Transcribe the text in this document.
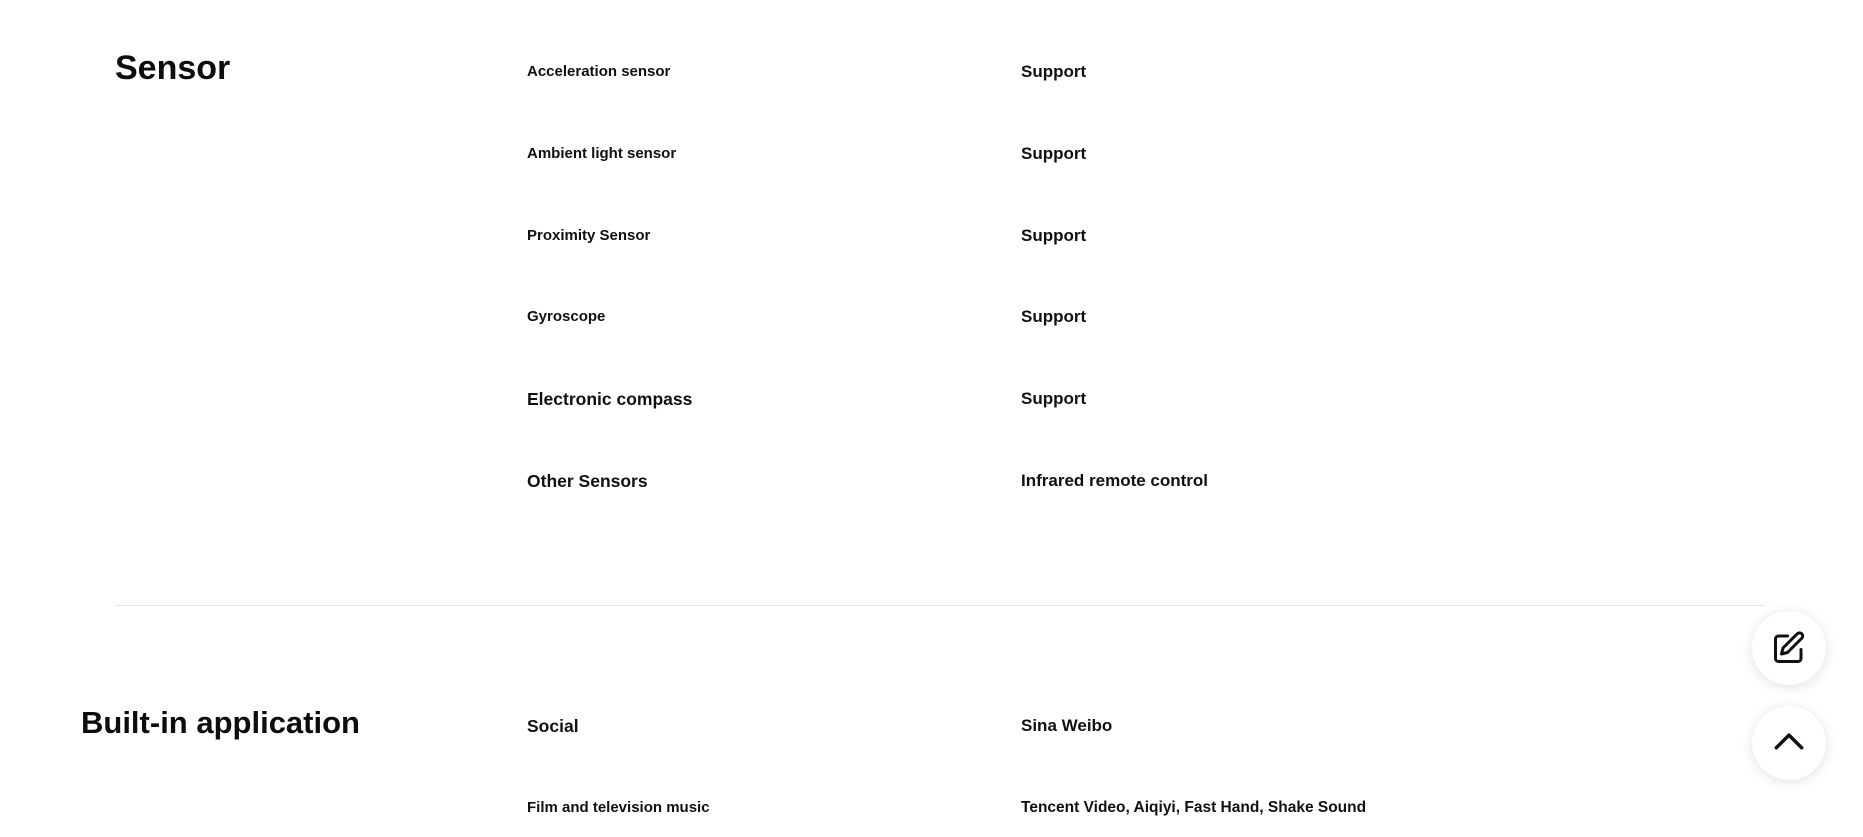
Sensor	Acceleration sensor	Support
Ambient light sensor	Support
Proximity Sensor	Support
Gyroscope	Support
Electronic compass	Support
Other Sensors	Infrared remote control
Built-in application	Social	Sina Weibo
Film and television music	Tencent Video, Aiqiyi, Fast Hand, Shake Sound
